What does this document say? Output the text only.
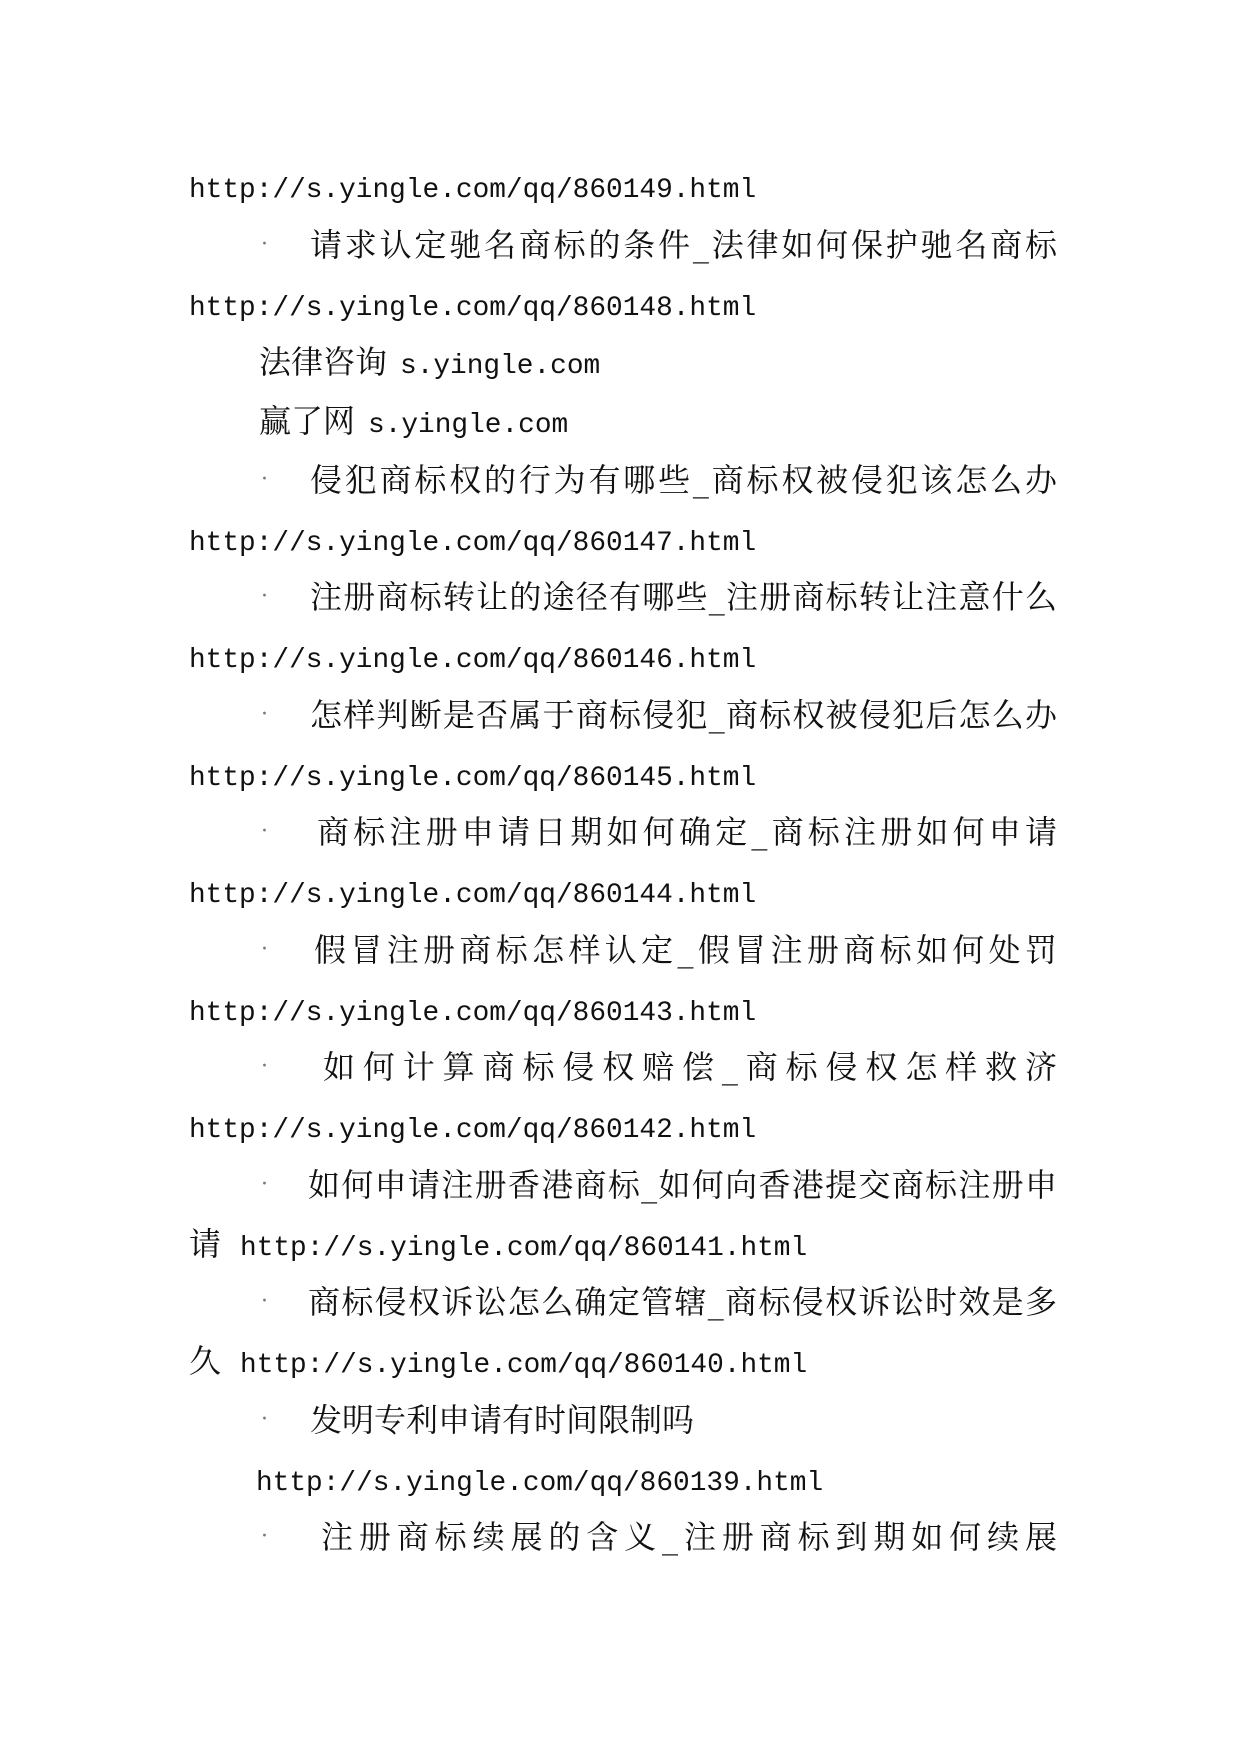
http://s.yingle.com/qq/860149.html
· 请求认定驰名商标的条件_法律如何保护驰名商标
http://s.yingle.com/qq/860148.html
法律咨询 s.yingle.com
赢了网 s.yingle.com
· 侵犯商标权的行为有哪些_商标权被侵犯该怎么办
http://s.yingle.com/qq/860147.html
· 注册商标转让的途径有哪些_注册商标转让注意什么
http://s.yingle.com/qq/860146.html
· 怎样判断是否属于商标侵犯_商标权被侵犯后怎么办
http://s.yingle.com/qq/860145.html
· 商标注册申请日期如何确定_商标注册如何申请
http://s.yingle.com/qq/860144.html
· 假冒注册商标怎样认定_假冒注册商标如何处罚
http://s.yingle.com/qq/860143.html
· 如何计算商标侵权赔偿_商标侵权怎样救济
http://s.yingle.com/qq/860142.html
· 如何申请注册香港商标_如何向香港提交商标注册申
请 http://s.yingle.com/qq/860141.html
· 商标侵权诉讼怎么确定管辖_商标侵权诉讼时效是多
久 http://s.yingle.com/qq/860140.html
· 发明专利申请有时间限制吗
http://s.yingle.com/qq/860139.html
· 注册商标续展的含义_注册商标到期如何续展
